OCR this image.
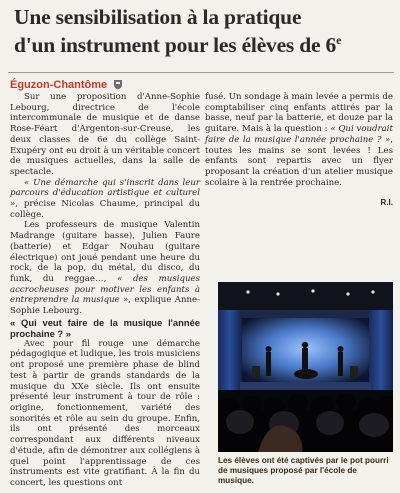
Une sensibilisation à la pratique
d'un instrument pour les élèves de 6e
Éguzon-Chantôme

Sur une proposition d'Anne-Sophie Lebourg, directrice de l'école intercommunale de musique et de danse Rose-Féart d'Argenton-sur-Creuse, les deux classes de 6e du collège Saint-Exupéry ont eu droit à un véritable concert de musiques actuelles, dans la salle de spectacle.

« Une démarche qui s'inscrit dans leur parcours d'éducation artistique et culturel », précise Nicolas Chaume, principal du collège.

Les professeurs de musique Valentin Madrange (guitare basse), Julien Faure (batterie) et Edgar Nouhau (guitare électrique) ont joué pendant une heure du rock, de la pop, du métal, du disco, du funk, du reggae…, « des musiques accrocheuses pour motiver les enfants à entreprendre la musique », explique Anne-Sophie Lebourg.

« Qui veut faire de la musique l'année prochaine ? »

Avec pour fil rouge une démarche pédagogique et ludique, les trois musiciens ont proposé une première phase de blind test à partir de grands standards de la musique du XXe siècle. Ils ont ensuite présenté leur instrument à tour de rôle : origine, fonctionnement, variété des sonorités et rôle au sein du groupe. Enfin, ils ont présenté des morceaux correspondant aux différents niveaux d'étude, afin de démontrer aux collégiens à quel point l'apprentissage de ces instruments est vite gratifiant. À la fin du concert, les questions ont

fusé. Un sondage à main levée a permis de comptabiliser cinq enfants attirés par la basse, neuf par la batterie, et douze par la guitare. Mais à la question : « Qui voudrait faire de la musique l'année prochaine ? », toutes les mains se sont levées ! Les enfants sont repartis avec un flyer proposant la création d'un atelier musique scolaire à la rentrée prochaine.

R.I.
Les élèves ont été captivés par le pot pourri de musiques proposé par l'école de musique.
